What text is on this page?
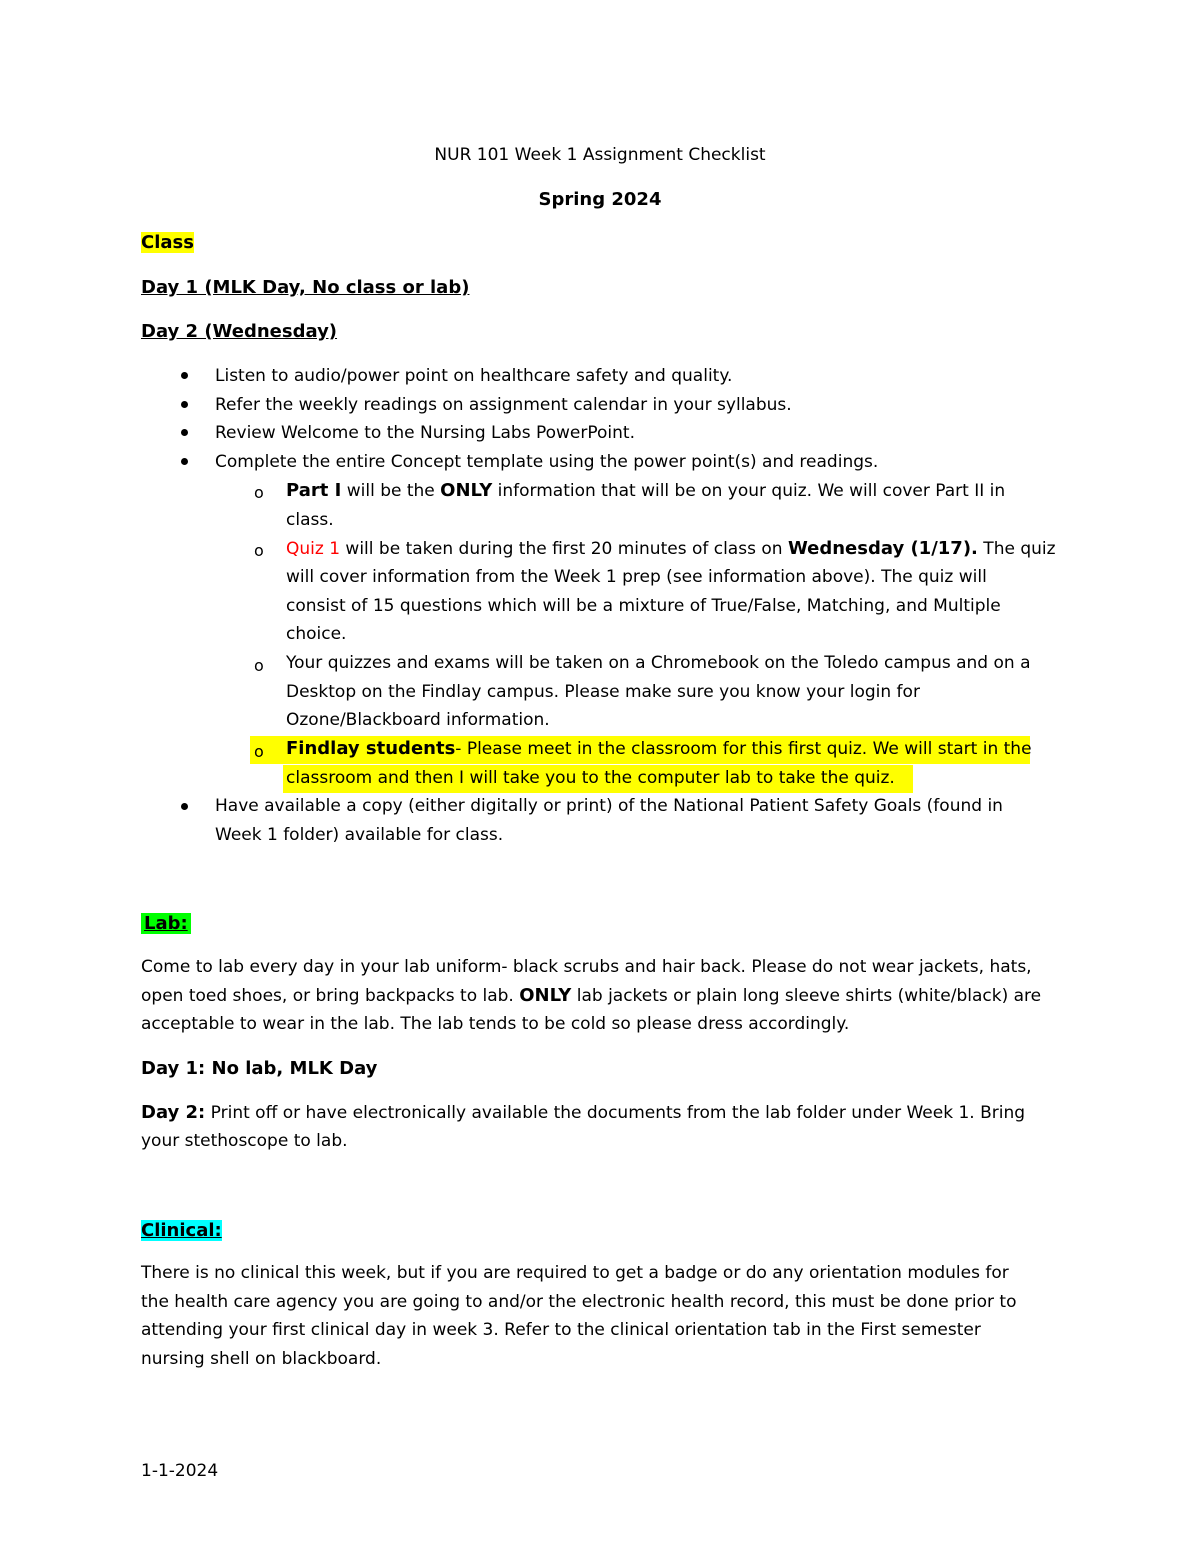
NUR 101 Week 1 Assignment Checklist
Spring 2024
Class
Day 1 (MLK Day, No class or lab)
Day 2 (Wednesday)
Listen to audio/power point on healthcare safety and quality.
Refer the weekly readings on assignment calendar in your syllabus.
Review Welcome to the Nursing Labs PowerPoint.
Complete the entire Concept template using the power point(s) and readings.
o Part I will be the ONLY information that will be on your quiz. We will cover Part II in
class.
o Quiz 1 will be taken during the first 20 minutes of class on Wednesday (1/17). The quiz
will cover information from the Week 1 prep (see information above). The quiz will
consist of 15 questions which will be a mixture of True/False, Matching, and Multiple
choice.
o Your quizzes and exams will be taken on a Chromebook on the Toledo campus and on a
Desktop on the Findlay campus. Please make sure you know your login for
Ozone/Blackboard information.
o Findlay students- Please meet in the classroom for this first quiz. We will start in the
classroom and then I will take you to the computer lab to take the quiz.
Have available a copy (either digitally or print) of the National Patient Safety Goals (found in
Week 1 folder) available for class.
Lab:
Come to lab every day in your lab uniform- black scrubs and hair back. Please do not wear jackets, hats,
open toed shoes, or bring backpacks to lab. ONLY lab jackets or plain long sleeve shirts (white/black) are
acceptable to wear in the lab. The lab tends to be cold so please dress accordingly.
Day 1: No lab, MLK Day
Day 2: Print off or have electronically available the documents from the lab folder under Week 1. Bring
your stethoscope to lab.
Clinical:
There is no clinical this week, but if you are required to get a badge or do any orientation modules for
the health care agency you are going to and/or the electronic health record, this must be done prior to
attending your first clinical day in week 3. Refer to the clinical orientation tab in the First semester
nursing shell on blackboard.
1-1-2024
